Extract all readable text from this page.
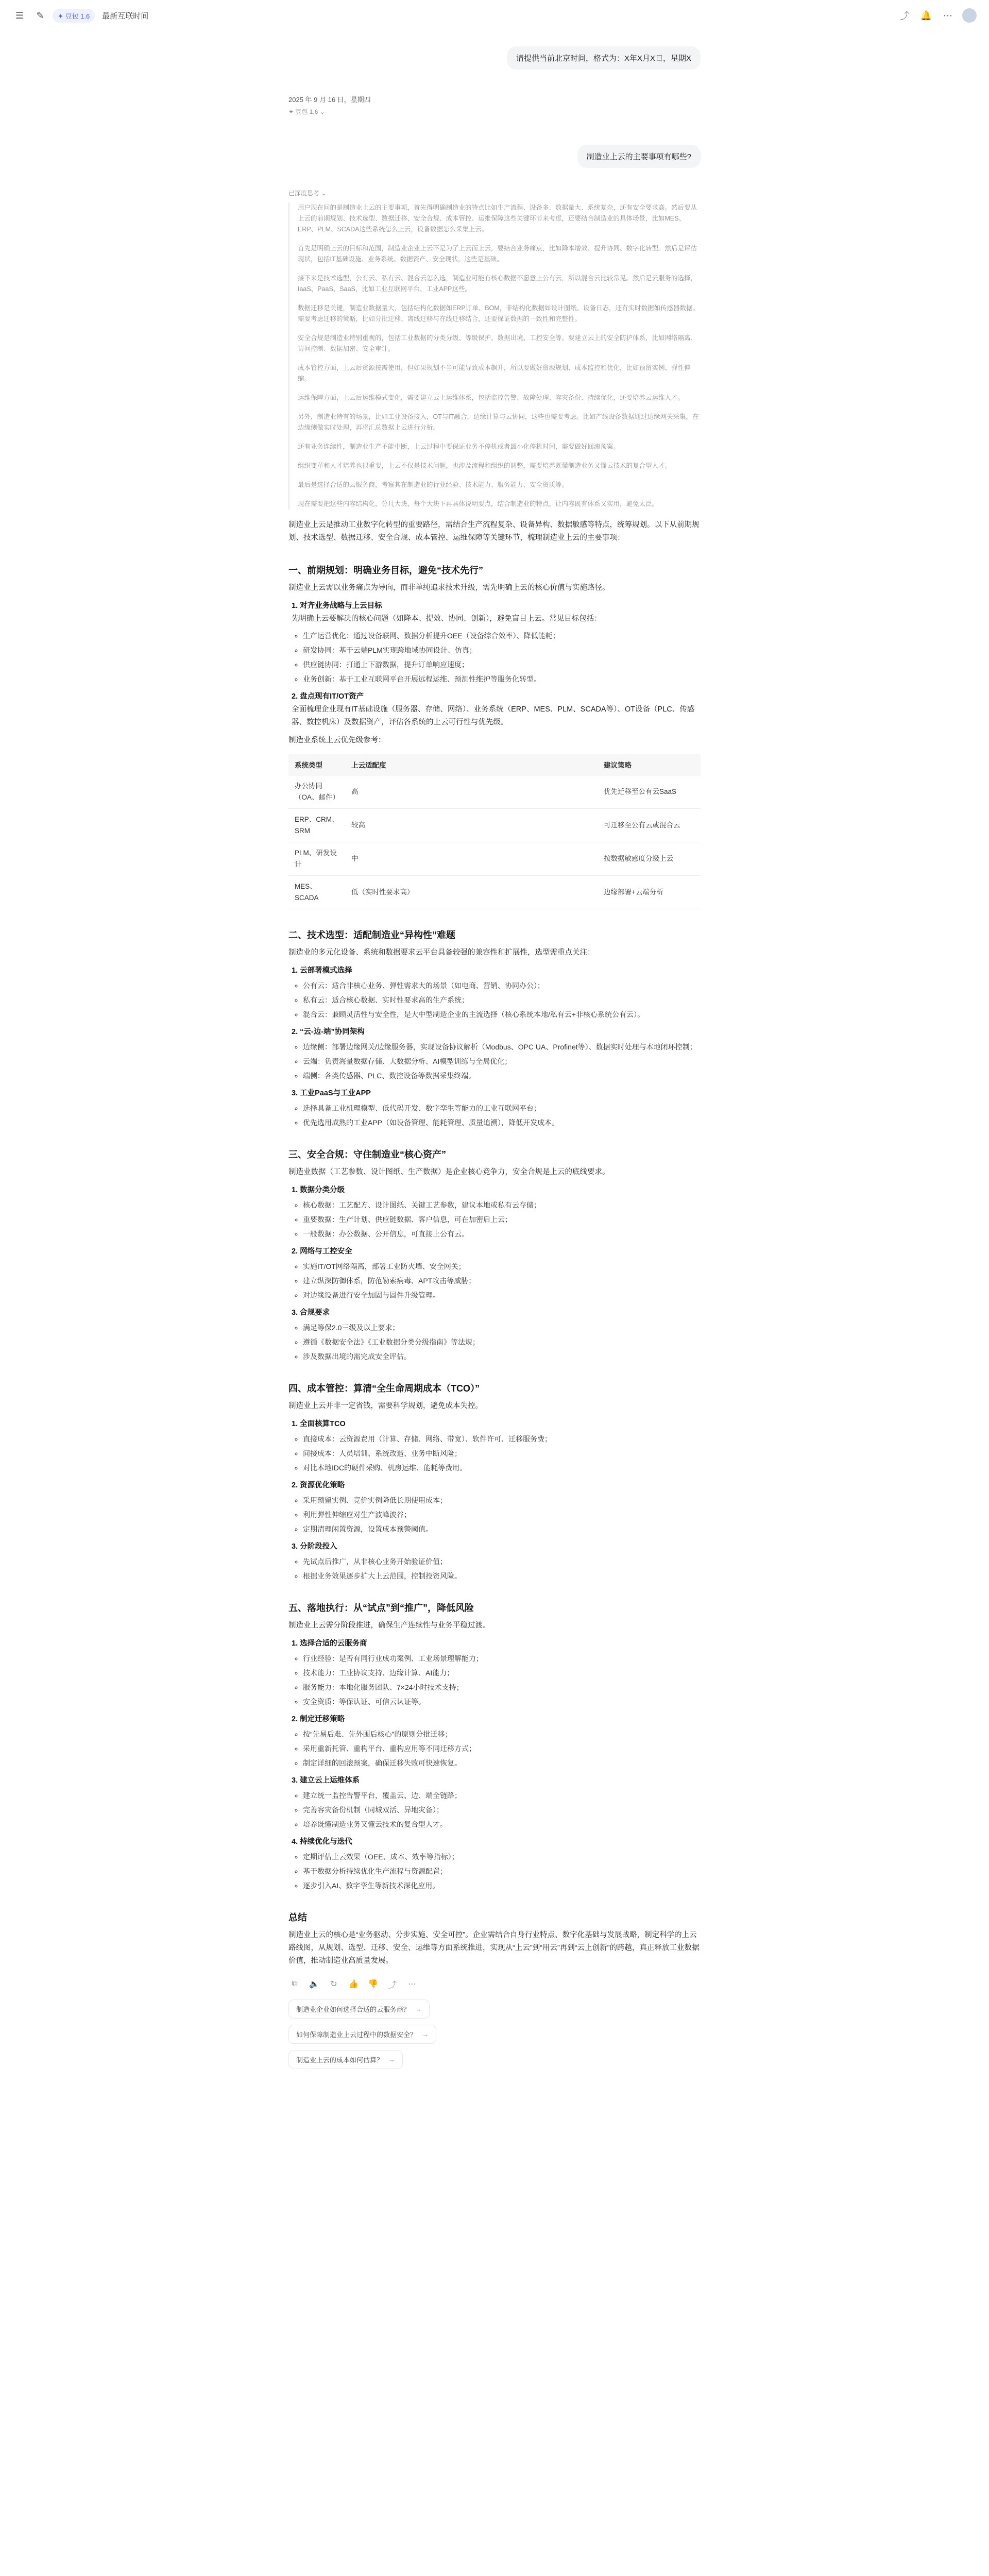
☰	✎	✦ 豆包 1.6	最新互联时间	⤴ 🔔 ⋯
请提供当前北京时间，格式为：X年X月X日，星期X
2025 年 9 月 16 日，星期四
✦ 豆包 1.6 ⌄
制造业上云的主要事项有哪些?
已深度思考 ⌄

用户现在问的是制造业上云的主要事项，首先得明确制造业的特点比如生产流程、设备多、数据量大、系统复杂，还有安全要求高。然后要从上云的前期规划、技术选型、数据迁移、安全合规、成本管控、运维保障这些关键环节来考虑，还要结合制造业的具体场景，比如MES、ERP、PLM、SCADA这些系统怎么上云，设备数据怎么采集上云。

首先是明确上云的目标和范围，制造业企业上云不是为了上云而上云，要结合业务痛点，比如降本增效、提升协同、数字化转型。然后是评估现状，包括IT基础设施、业务系统、数据资产、安全现状，这些是基础。

接下来是技术选型，公有云、私有云、混合云怎么选，制造业可能有核心数据不愿意上公有云，所以混合云比较常见。然后是云服务的选择，IaaS、PaaS、SaaS，比如工业互联网平台、工业APP这些。

数据迁移是关键，制造业数据量大，包括结构化数据如ERP订单、BOM，非结构化数据如设计图纸、设备日志，还有实时数据如传感器数据。需要考虑迁移的策略，比如分批迁移、离线迁移与在线迁移结合，还要保证数据的一致性和完整性。

安全合规是制造业特别重视的，包括工业数据的分类分级、等级保护、数据出境、工控安全等。要建立云上的安全防护体系，比如网络隔离、访问控制、数据加密、安全审计。

成本管控方面，上云后资源按需使用，但如果规划不当可能导致成本飙升，所以要做好资源规划、成本监控和优化，比如预留实例、弹性伸缩。

运维保障方面，上云后运维模式变化，需要建立云上运维体系，包括监控告警、故障处理、容灾备份、持续优化，还要培养云运维人才。

另外，制造业特有的场景，比如工业设备接入，OT与IT融合，边缘计算与云协同，这些也需要考虑。比如产线设备数据通过边缘网关采集，在边缘侧做实时处理，再将汇总数据上云进行分析。

还有业务连续性，制造业生产不能中断，上云过程中要保证业务不停机或者最小化停机时间，需要做好回滚预案。

组织变革和人才培养也很重要，上云不仅是技术问题，也涉及流程和组织的调整，需要培养既懂制造业务又懂云技术的复合型人才。

最后是选择合适的云服务商，考察其在制造业的行业经验、技术能力、服务能力、安全资质等。

现在需要把这些内容结构化，分几大块，每个大块下再具体说明要点，结合制造业的特点，让内容既有体系又实用，避免太泛。

制造业上云是推动工业数字化转型的重要路径，需结合生产流程复杂、设备异构、数据敏感等特点，统筹规划。以下从前期规划、技术选型、数据迁移、安全合规、成本管控、运维保障等关键环节，梳理制造业上云的主要事项：

一、前期规划：明确业务目标，避免“技术先行”

制造业上云需以业务痛点为导向，而非单纯追求技术升级，需先明确上云的核心价值与实施路径。

1. 对齐业务战略与上云目标

先明确上云要解决的核心问题（如降本、提效、协同、创新），避免盲目上云。常见目标包括：

◦ 生产运营优化：通过设备联网、数据分析提升OEE（设备综合效率）、降低能耗；
◦ 研发协同：基于云端PLM实现跨地域协同设计、仿真；
◦ 供应链协同：打通上下游数据，提升订单响应速度；
◦ 业务创新：基于工业互联网平台开展远程运维、预测性维护等服务化转型。
2. 盘点现有IT/OT资产

全面梳理企业现有IT基础设施（服务器、存储、网络）、业务系统（ERP、MES、PLM、SCADA等）、OT设备（PLC、传感器、数控机床）及数据资产，评估各系统的上云可行性与优先级。

制造业系统上云优先级参考：

系统类型	上云适配度	建议策略
办公协同（OA、邮件）	高	优先迁移至公有云SaaS
ERP、CRM、SRM	较高	可迁移至公有云或混合云
PLM、研发设计	中	按数据敏感度分级上云
MES、SCADA	低（实时性要求高）	边缘部署+云端分析
二、技术选型：适配制造业“异构性”难题

制造业的多元化设备、系统和数据要求云平台具备较强的兼容性和扩展性，选型需重点关注：

1. 云部署模式选择
◦ 公有云：适合非核心业务、弹性需求大的场景（如电商、营销、协同办公）；
◦ 私有云：适合核心数据、实时性要求高的生产系统；
◦ 混合云：兼顾灵活性与安全性，是大中型制造企业的主流选择（核心系统本地/私有云+非核心系统公有云）。
2. “云-边-端”协同架构
◦ 边缘侧：部署边缘网关/边缘服务器，实现设备协议解析（Modbus、OPC UA、Profinet等）、数据实时处理与本地闭环控制；
◦ 云端：负责海量数据存储、大数据分析、AI模型训练与全局优化；
◦ 端侧：各类传感器、PLC、数控设备等数据采集终端。
3. 工业PaaS与工业APP
◦ 选择具备工业机理模型、低代码开发、数字孪生等能力的工业互联网平台；
◦ 优先选用成熟的工业APP（如设备管理、能耗管理、质量追溯），降低开发成本。
三、安全合规：守住制造业“核心资产”

制造业数据（工艺参数、设计图纸、生产数据）是企业核心竞争力，安全合规是上云的底线要求。

1. 数据分类分级
◦ 核心数据：工艺配方、设计图纸、关键工艺参数，建议本地或私有云存储；
◦ 重要数据：生产计划、供应链数据、客户信息，可在加密后上云；
◦ 一般数据：办公数据、公开信息，可直接上公有云。
2. 网络与工控安全
◦ 实施IT/OT网络隔离，部署工业防火墙、安全网关；
◦ 建立纵深防御体系，防范勒索病毒、APT攻击等威胁；
◦ 对边缘设备进行安全加固与固件升级管理。
3. 合规要求
◦ 满足等保2.0三级及以上要求；
◦ 遵循《数据安全法》《工业数据分类分级指南》等法规；
◦ 涉及数据出境的需完成安全评估。
四、成本管控：算清“全生命周期成本（TCO）”

制造业上云并非一定省钱，需要科学规划，避免成本失控。

1. 全面核算TCO
◦ 直接成本：云资源费用（计算、存储、网络、带宽）、软件许可、迁移服务费；
◦ 间接成本：人员培训、系统改造、业务中断风险；
◦ 对比本地IDC的硬件采购、机房运维、能耗等费用。
2. 资源优化策略
◦ 采用预留实例、竞价实例降低长期使用成本；
◦ 利用弹性伸缩应对生产波峰波谷；
◦ 定期清理闲置资源，设置成本预警阈值。
3. 分阶段投入
◦ 先试点后推广，从非核心业务开始验证价值；
◦ 根据业务效果逐步扩大上云范围，控制投资风险。
五、落地执行：从“试点”到“推广”，降低风险

制造业上云需分阶段推进，确保生产连续性与业务平稳过渡。

1. 选择合适的云服务商
◦ 行业经验：是否有同行业成功案例、工业场景理解能力；
◦ 技术能力：工业协议支持、边缘计算、AI能力；
◦ 服务能力：本地化服务团队、7×24小时技术支持；
◦ 安全资质：等保认证、可信云认证等。
2. 制定迁移策略
◦ 按“先易后难、先外围后核心”的原则分批迁移；
◦ 采用重新托管、重构平台、重构应用等不同迁移方式；
◦ 制定详细的回滚预案，确保迁移失败可快速恢复。
3. 建立云上运维体系
◦ 建立统一监控告警平台，覆盖云、边、端全链路；
◦ 完善容灾备份机制（同城双活、异地灾备）；
◦ 培养既懂制造业务又懂云技术的复合型人才。
4. 持续优化与迭代
◦ 定期评估上云效果（OEE、成本、效率等指标）；
◦ 基于数据分析持续优化生产流程与资源配置；
◦ 逐步引入AI、数字孪生等新技术深化应用。
总结

制造业上云的核心是“业务驱动、分步实施、安全可控”。企业需结合自身行业特点、数字化基础与发展战略，制定科学的上云路线图，从规划、选型、迁移、安全、运维等方面系统推进，实现从“上云”到“用云”再到“云上创新”的跨越，真正释放工业数据价值，推动制造业高质量发展。

⧉	🔈	↻	👍 👎 ⤴ ⋯
制造业企业如何选择合适的云服务商？ →
如何保障制造业上云过程中的数据安全？ →
制造业上云的成本如何估算？ →
